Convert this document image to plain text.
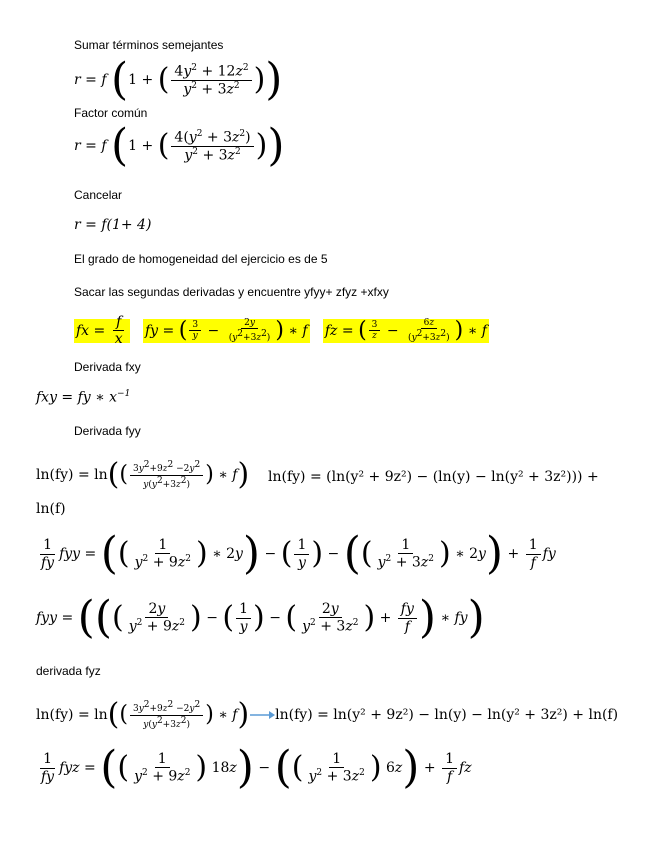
Sumar términos semejantes
r = f (1 + ( $\frac{4y^2 + 12z^2}{y^2 + 3z^2}$ ))
Factor común
r = f (1 + ( $\frac{4(y^2 + 3z^2)}{y^2 + 3z^2}$ ))
Cancelar
r = f(1+ 4)
El grado de homogeneidad del ejercicio es de 5
Sacar las segundas derivadas y encuentre yfyy+ zfyz +xfxy
fx = $\frac{f}{x}$ fy = ( $\frac{3}{y} - \frac{2y}{(y^2+3z^2)}$ ) ∗ f fz = ( $\frac{3}{z} - \frac{6z}{(y^2+3z^2)}$ ) ∗ f
Derivada fxy
fxy = fy ∗ $x^{-1}$
Derivada fyy
$\ln(fy) = \ln(( \frac{3y^2+9z^2 -2y^2}{y(y^2+3z^2)}$ ) ∗ f) ln(fy) = (ln(y² + 9z²) − (ln(y) − ln(y² + 3z²))) +
ln(f)
$\frac{1}{fy}$ fyy = (( $\frac{1}{y^2 + 9z^2}$ ) ∗ 2y) − ( $\frac{1}{y}$ ) − (( $\frac{1}{y^2 + 3z^2}$ ) ∗ $2y) + \frac{1}{f}$ fy
fyy = ((( $\frac{2y}{y^2 + 9z^2}$ ) − ( $\frac{1}{y}$ ) − ( $\frac{2y}{y^2 + 3z^2}$ ) + $\frac{fy}{f}$ ) ∗ fy)
derivada fyz
$\ln(fy) = \ln(( \frac{3y^2+9z^2 -2y^2}{y(y^2+3z^2)}$ ) ∗ f) ln(fy) = ln(y² + 9z²) − ln(y) − ln(y² + 3z²) + ln(f)
$\frac{1}{fy}$ fyz = (( $\frac{1}{y^2 + 9z^2}$ ) 18z) − (( $\frac{1}{y^2 + 3z^2}$ ) $6z) + \frac{1}{f}$ fz
